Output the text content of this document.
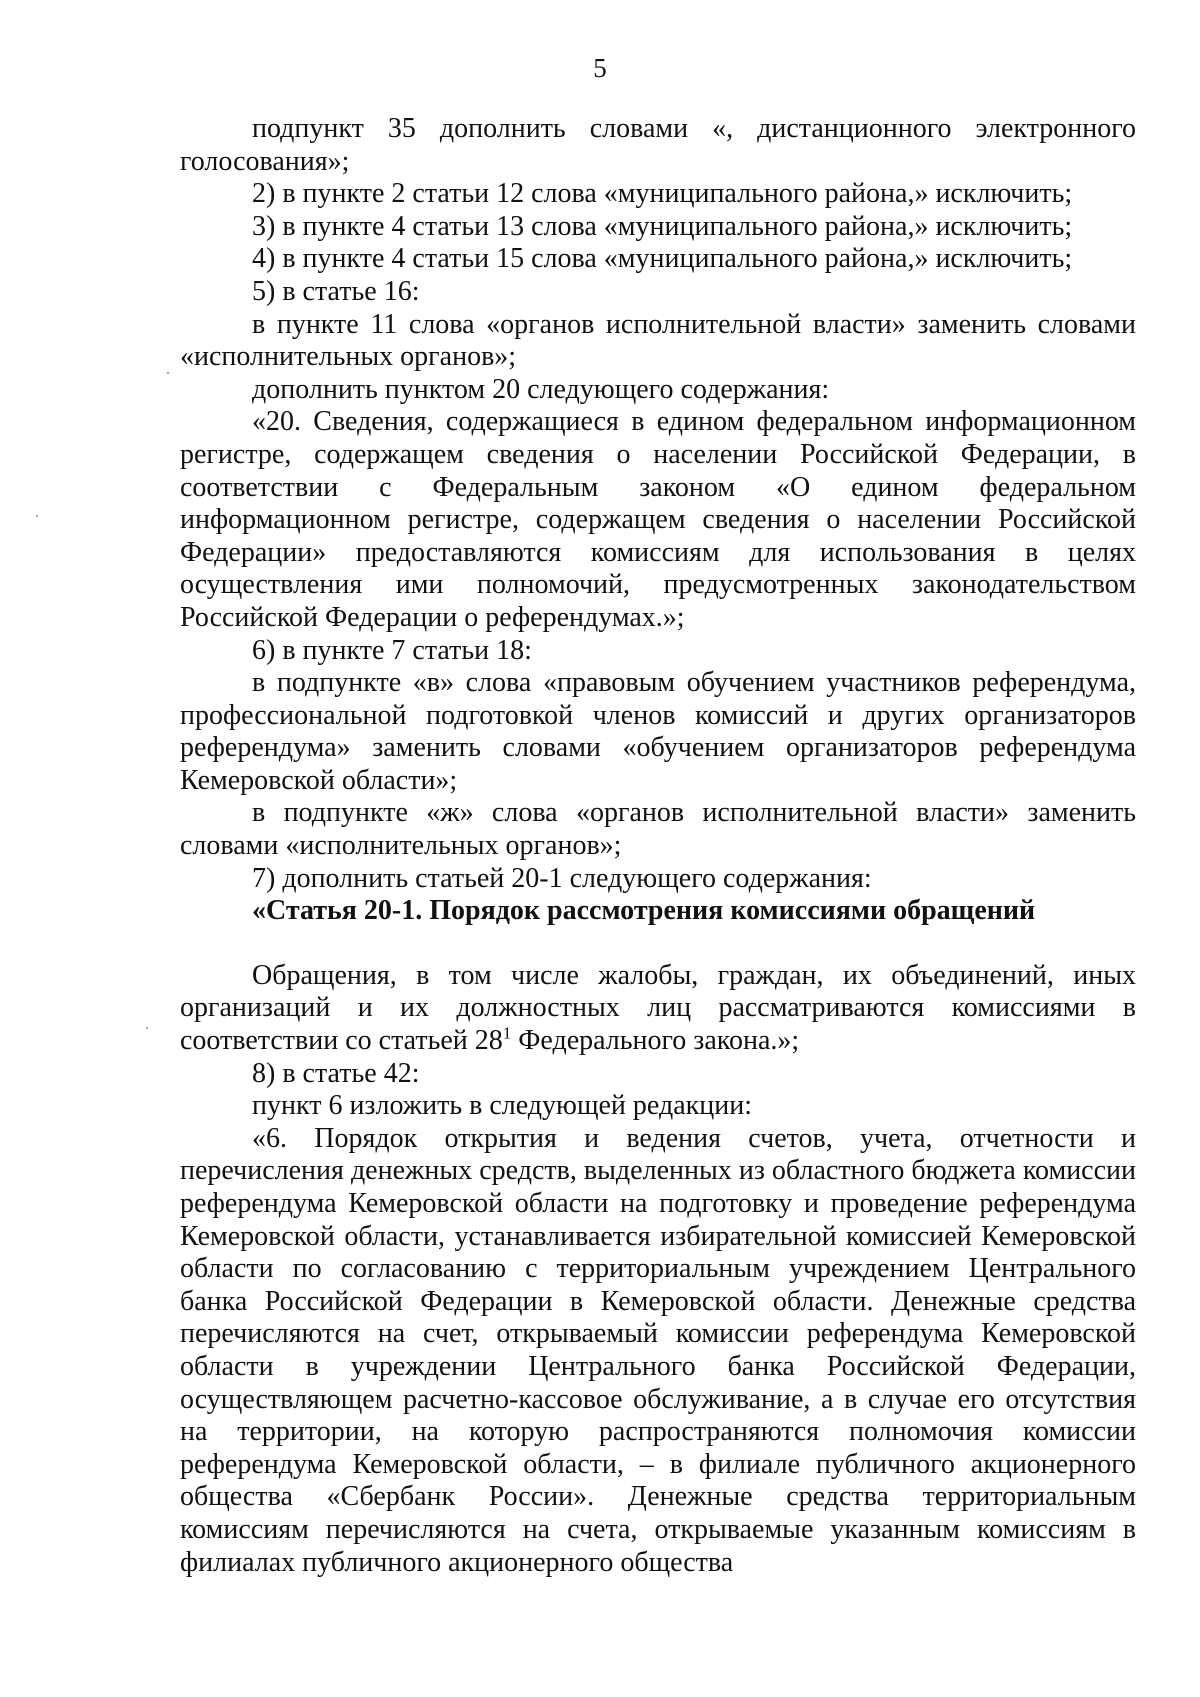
5

подпункт 35 дополнить словами «, дистанционного электронного голосования»;

2) в пункте 2 статьи 12 слова «муниципального района,» исключить;

3) в пункте 4 статьи 13 слова «муниципального района,» исключить;

4) в пункте 4 статьи 15 слова «муниципального района,» исключить;

5) в статье 16:

в пункте 11 слова «органов исполнительной власти» заменить словами «исполнительных органов»;

дополнить пунктом 20 следующего содержания:

«20. Сведения, содержащиеся в едином федеральном информационном регистре, содержащем сведения о населении Российской Федерации, в соответствии с Федеральным законом «О едином федеральном информационном регистре, содержащем сведения о населении Российской Федерации» предоставляются комиссиям для использования в целях осуществления ими полномочий, предусмотренных законодательством Российской Федерации о референдумах.»;

6) в пункте 7 статьи 18:

в подпункте «в» слова «правовым обучением участников референдума, профессиональной подготовкой членов комиссий и других организаторов референдума» заменить словами «обучением организаторов референдума Кемеровской области»;

в подпункте «ж» слова «органов исполнительной власти» заменить словами «исполнительных органов»;

7) дополнить статьей 20-1 следующего содержания:

«Статья 20-1. Порядок рассмотрения комиссиями обращений

Обращения, в том числе жалобы, граждан, их объединений, иных организаций и их должностных лиц рассматриваются комиссиями в соответствии со статьей $28^1$ Федерального закона.»;

8) в статье 42:

пункт 6 изложить в следующей редакции:

«6. Порядок открытия и ведения счетов, учета, отчетности и перечисления денежных средств, выделенных из областного бюджета комиссии референдума Кемеровской области на подготовку и проведение референдума Кемеровской области, устанавливается избирательной комиссией Кемеровской области по согласованию с территориальным учреждением Центрального банка Российской Федерации в Кемеровской области. Денежные средства перечисляются на счет, открываемый комиссии референдума Кемеровской области в учреждении Центрального банка Российской Федерации, осуществляющем расчетно-кассовое обслуживание, а в случае его отсутствия на территории, на которую распространяются полномочия комиссии референдума Кемеровской области, – в филиале публичного акционерного общества «Сбербанк России». Денежные средства территориальным комиссиям перечисляются на счета, открываемые указанным комиссиям в филиалах публичного акционерного общества
